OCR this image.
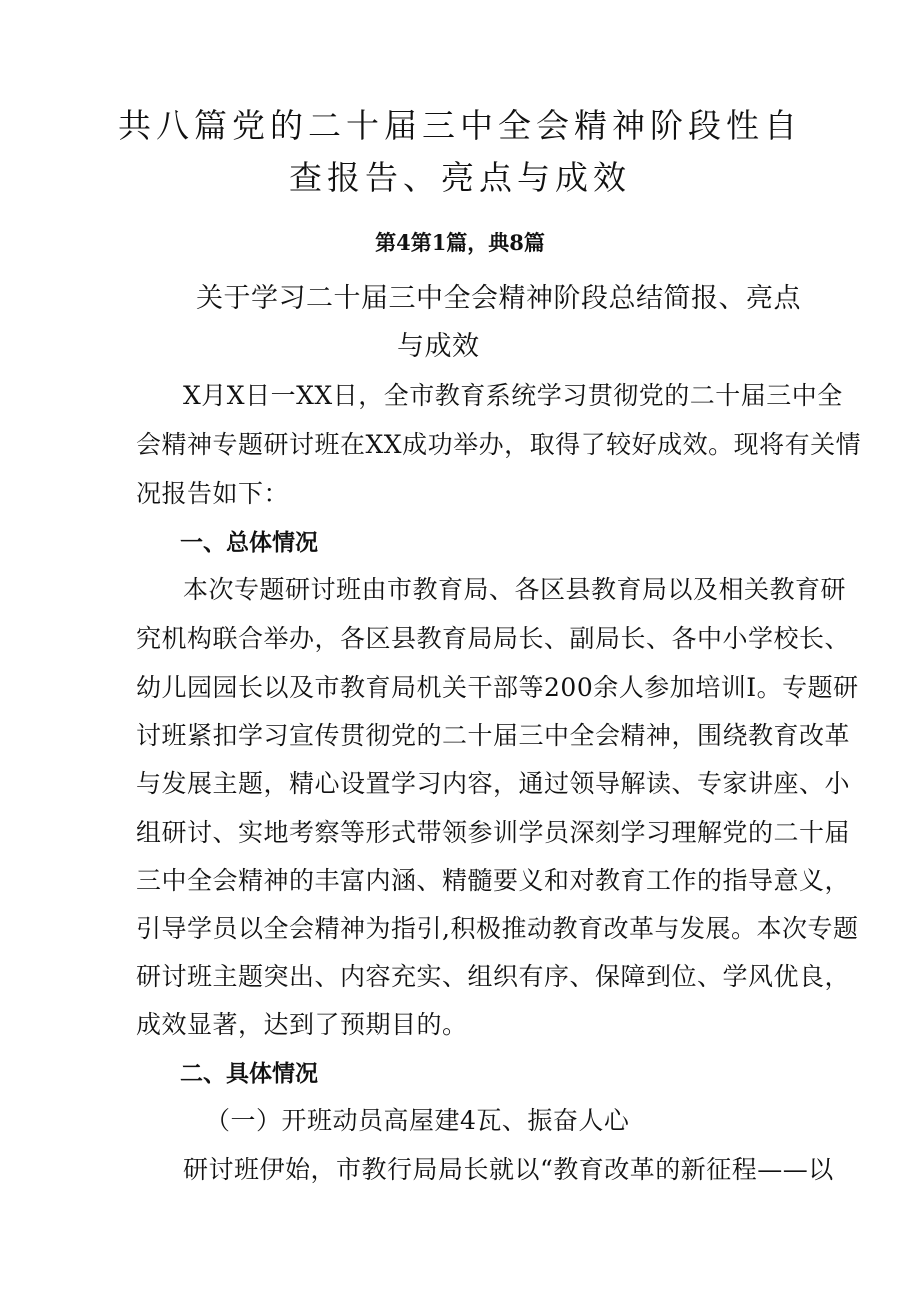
共八篇党的二十届三中全会精神阶段性自
查报告、亮点与成效
第4第1篇，典8篇
关于学习二十届三中全会精神阶段总结简报、亮点
与成效
X月X日一XX日，全市教育系统学习贯彻党的二十届三中全
会精神专题研讨班在XX成功举办，取得了较好成效。现将有关情
况报告如下：
一、总体情况
本次专题研讨班由市教育局、各区县教育局以及相关教育研
究机构联合举办，各区县教育局局长、副局长、各中小学校长、
幼儿园园长以及市教育局机关干部等200余人参加培训I。专题研
讨班紧扣学习宣传贯彻党的二十届三中全会精神，围绕教育改革
与发展主题，精心设置学习内容，通过领导解读、专家讲座、小
组研讨、实地考察等形式带领参训学员深刻学习理解党的二十届
三中全会精神的丰富内涵、精髓要义和对教育工作的指导意义，
引导学员以全会精神为指引,积极推动教育改革与发展。本次专题
研讨班主题突出、内容充实、组织有序、保障到位、学风优良，
成效显著，达到了预期目的。
二、具体情况
（一）开班动员高屋建4瓦、振奋人心
研讨班伊始，市教行局局长就以“教育改革的新征程——以
